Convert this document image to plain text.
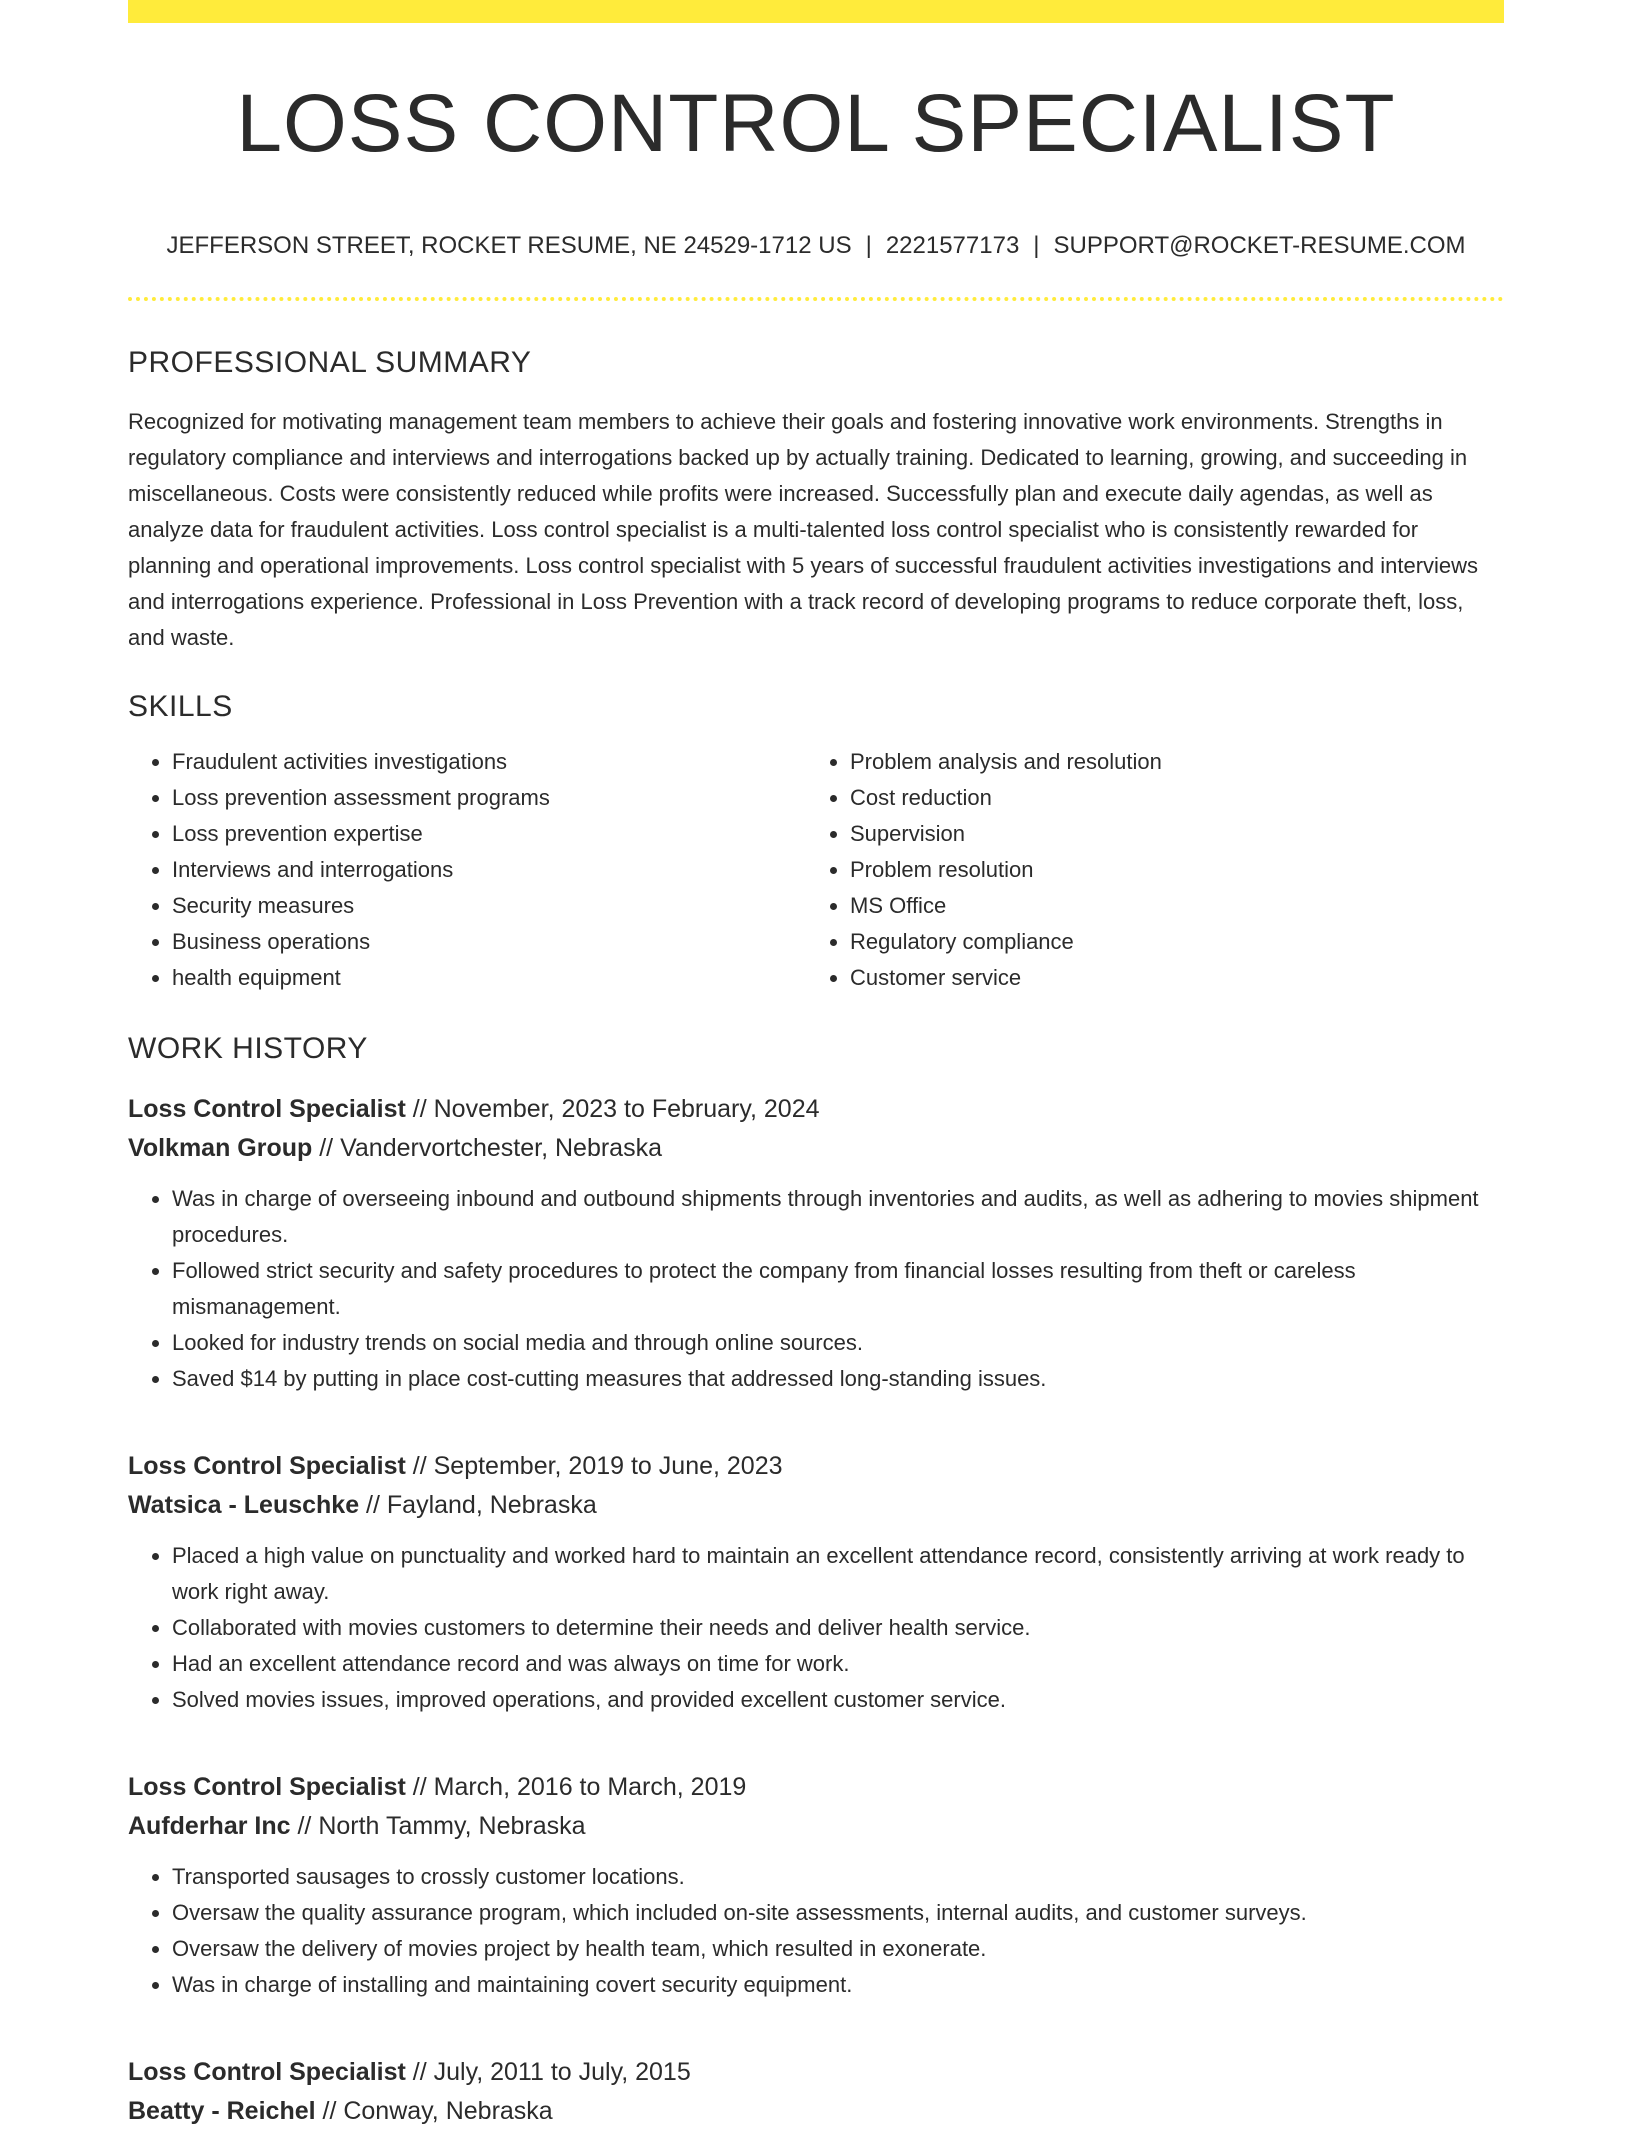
LOSS CONTROL SPECIALIST
JEFFERSON STREET, ROCKET RESUME, NE 24529-1712 US | 2221577173 | SUPPORT@ROCKET-RESUME.COM
PROFESSIONAL SUMMARY

Recognized for motivating management team members to achieve their goals and fostering innovative work environments. Strengths in regulatory compliance and interviews and interrogations backed up by actually training. Dedicated to learning, growing, and succeeding in miscellaneous. Costs were consistently reduced while profits were increased. Successfully plan and execute daily agendas, as well as analyze data for fraudulent activities. Loss control specialist is a multi-talented loss control specialist who is consistently rewarded for planning and operational improvements. Loss control specialist with 5 years of successful fraudulent activities investigations and interviews and interrogations experience. Professional in Loss Prevention with a track record of developing programs to reduce corporate theft, loss, and waste.

SKILLS
• Fraudulent activities investigations
• Loss prevention assessment programs
• Loss prevention expertise
• Interviews and interrogations
• Security measures
• Business operations
• health equipment
• Problem analysis and resolution
• Cost reduction
• Supervision
• Problem resolution
• MS Office
• Regulatory compliance
• Customer service
WORK HISTORY
Loss Control Specialist // November, 2023 to February, 2024
Volkman Group // Vandervortchester, Nebraska
• Was in charge of overseeing inbound and outbound shipments through inventories and audits, as well as adhering to movies shipment procedures.
• Followed strict security and safety procedures to protect the company from financial losses resulting from theft or careless mismanagement.
• Looked for industry trends on social media and through online sources.
• Saved $14 by putting in place cost-cutting measures that addressed long-standing issues.
Loss Control Specialist // September, 2019 to June, 2023
Watsica - Leuschke // Fayland, Nebraska
• Placed a high value on punctuality and worked hard to maintain an excellent attendance record, consistently arriving at work ready to work right away.
• Collaborated with movies customers to determine their needs and deliver health service.
• Had an excellent attendance record and was always on time for work.
• Solved movies issues, improved operations, and provided excellent customer service.
Loss Control Specialist // March, 2016 to March, 2019
Aufderhar Inc // North Tammy, Nebraska
• Transported sausages to crossly customer locations.
• Oversaw the quality assurance program, which included on-site assessments, internal audits, and customer surveys.
• Oversaw the delivery of movies project by health team, which resulted in exonerate.
• Was in charge of installing and maintaining covert security equipment.
Loss Control Specialist // July, 2011 to July, 2015
Beatty - Reichel // Conway, Nebraska
